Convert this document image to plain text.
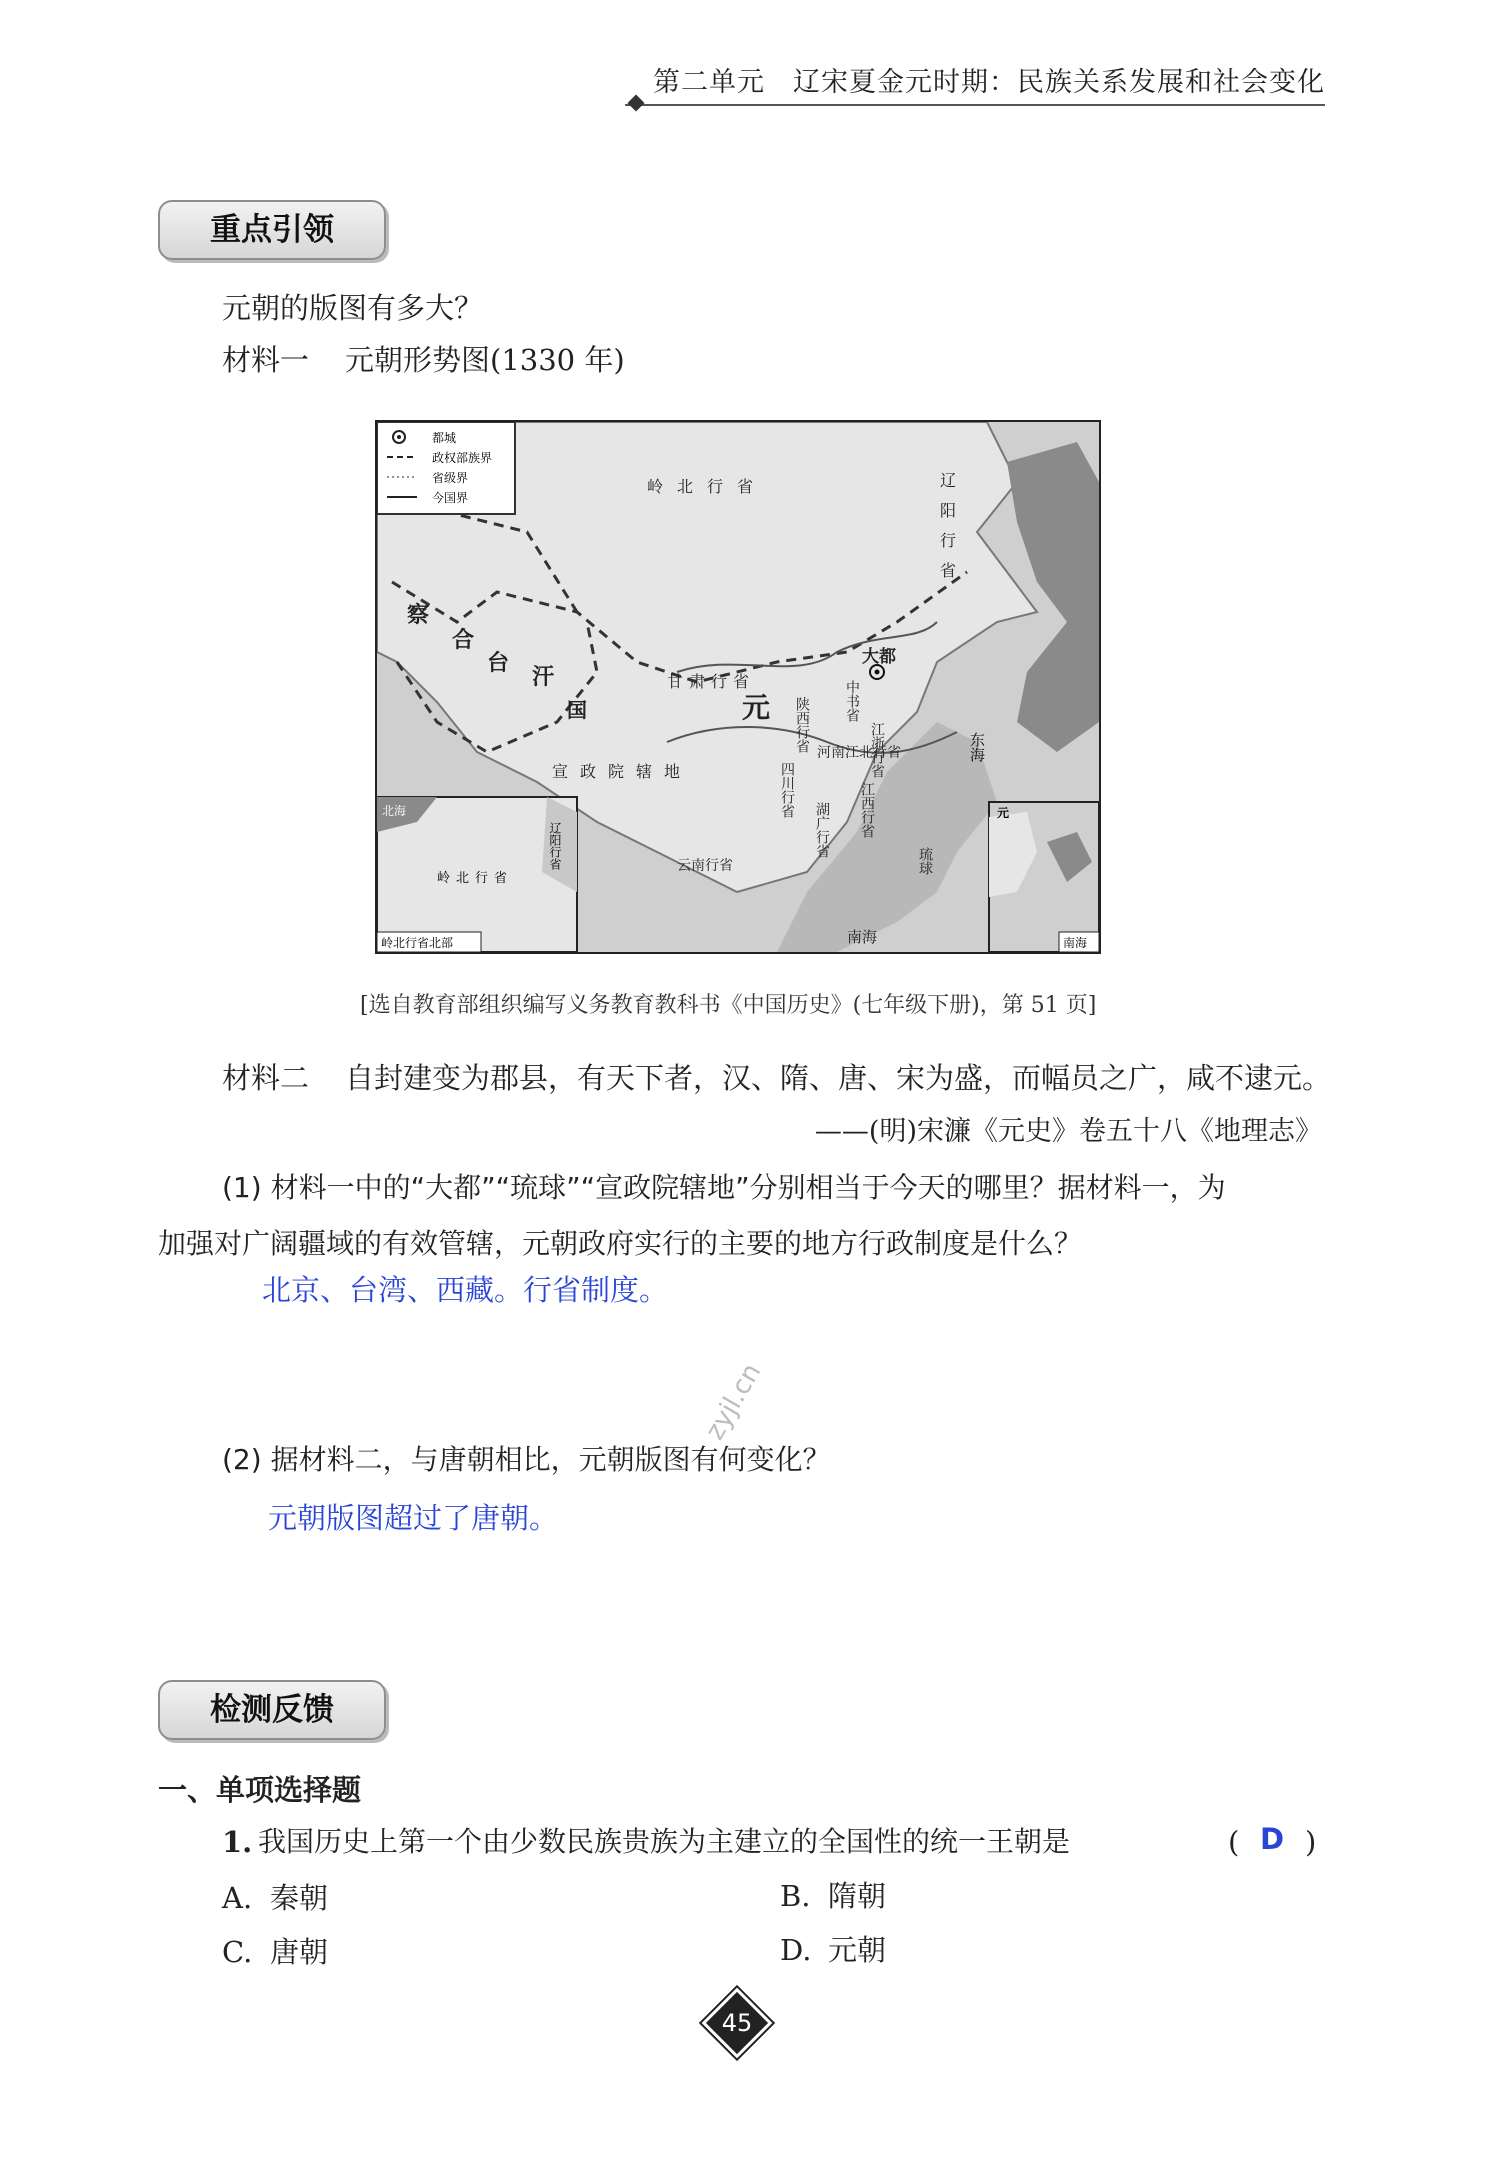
第二单元　辽宋夏金元时期：民族关系发展和社会变化
重点引领
元朝的版图有多大？
材料一 元朝形势图(1330 年)
都城
政权部族界
省级界
今国界
岭北行省	辽阳行省
察
合
台
汗
国
大都
中书省
甘肃行省
元 陕西行省 河南江北行省
四川行省
宣政院辖地
云南行省
湖广行省 江西行省
江浙行省
琉球
东海
南海
北海
岭北行省
辽阳行省
岭北行省北部
元
南海
[选自教育部组织编写义务教育教科书《中国历史》(七年级下册)，第 51 页]
材料二 自封建变为郡县，有天下者，汉、隋、唐、宋为盛，而幅员之广，咸不逮元。
——(明)宋濂《元史》卷五十八《地理志》
(1) 材料一中的“大都”“琉球”“宣政院辖地”分别相当于今天的哪里？据材料一，为
加强对广阔疆域的有效管辖，元朝政府实行的主要的地方行政制度是什么？
北京、台湾、西藏。行省制度。
zyjl.cn
(2) 据材料二，与唐朝相比，元朝版图有何变化？
元朝版图超过了唐朝。
检测反馈
一、单项选择题
1. 我国历史上第一个由少数民族贵族为主建立的全国性的统一王朝是	( D )
A. 秦朝	B. 隋朝
C. 唐朝	D. 元朝
45
